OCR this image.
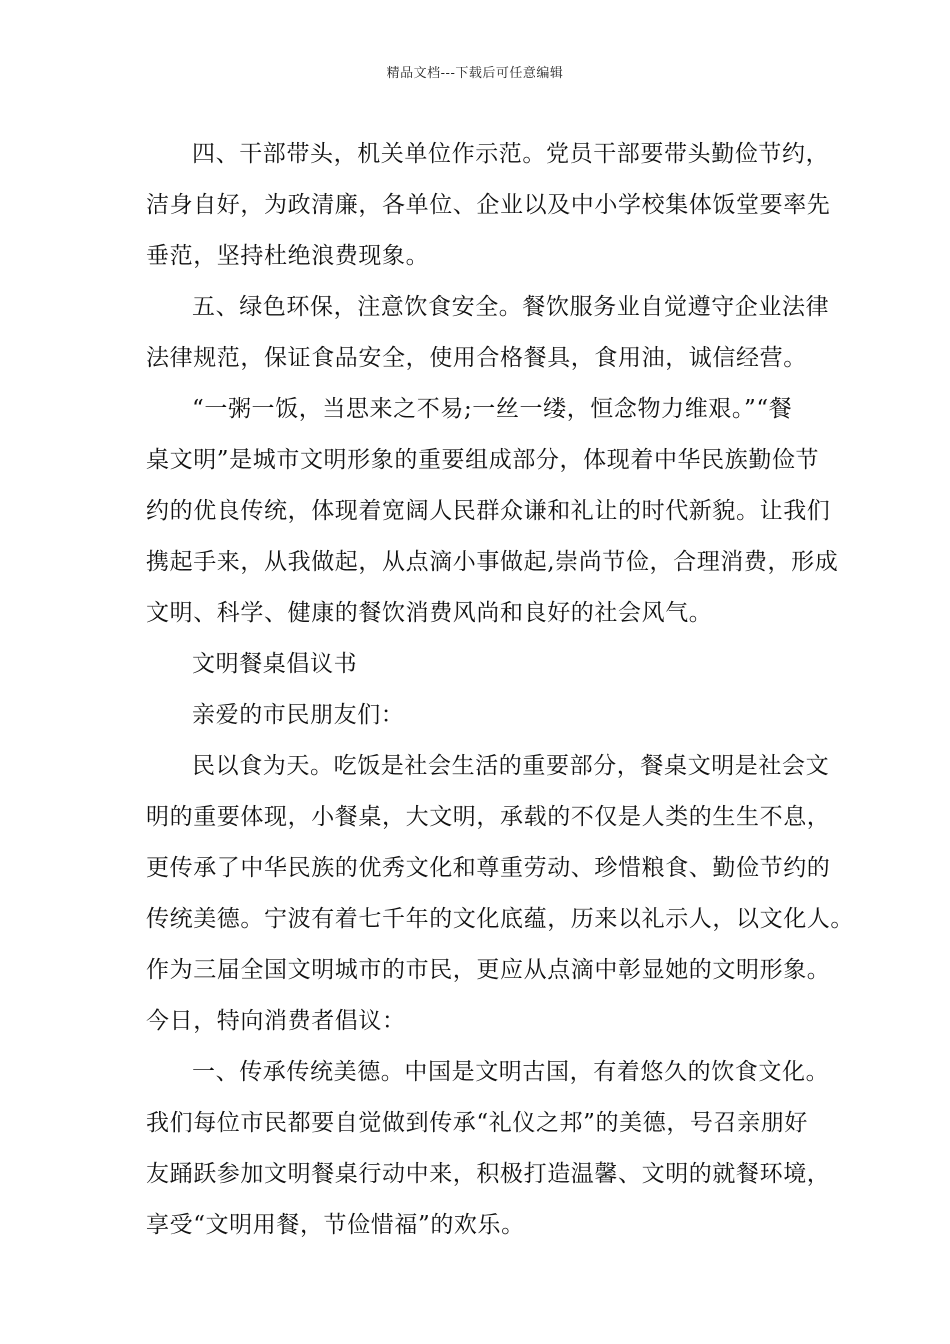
精品文档---下载后可任意编辑
四、干部带头，机关单位作示范。党员干部要带头勤俭节约，
洁身自好，为政清廉，各单位、企业以及中小学校集体饭堂要率先
垂范，坚持杜绝浪费现象。
五、绿色环保，注意饮食安全。餐饮服务业自觉遵守企业法律
法律规范，保证食品安全，使用合格餐具，食用油，诚信经营。
“一粥一饭，当思来之不易;一丝一缕，恒念物力维艰。”“餐
桌文明”是城市文明形象的重要组成部分，体现着中华民族勤俭节
约的优良传统，体现着宽阔人民群众谦和礼让的时代新貌。让我们
携起手来，从我做起，从点滴小事做起,崇尚节俭，合理消费，形成
文明、科学、健康的餐饮消费风尚和良好的社会风气。
文明餐桌倡议书
亲爱的市民朋友们：
民以食为天。吃饭是社会生活的重要部分，餐桌文明是社会文
明的重要体现，小餐桌，大文明，承载的不仅是人类的生生不息，
更传承了中华民族的优秀文化和尊重劳动、珍惜粮食、勤俭节约的
传统美德。宁波有着七千年的文化底蕴，历来以礼示人，以文化人。
作为三届全国文明城市的市民，更应从点滴中彰显她的文明形象。
今日，特向消费者倡议：
一、传承传统美德。中国是文明古国，有着悠久的饮食文化。
我们每位市民都要自觉做到传承“礼仪之邦”的美德，号召亲朋好
友踊跃参加文明餐桌行动中来，积极打造温馨、文明的就餐环境，
享受“文明用餐，节俭惜福”的欢乐。
